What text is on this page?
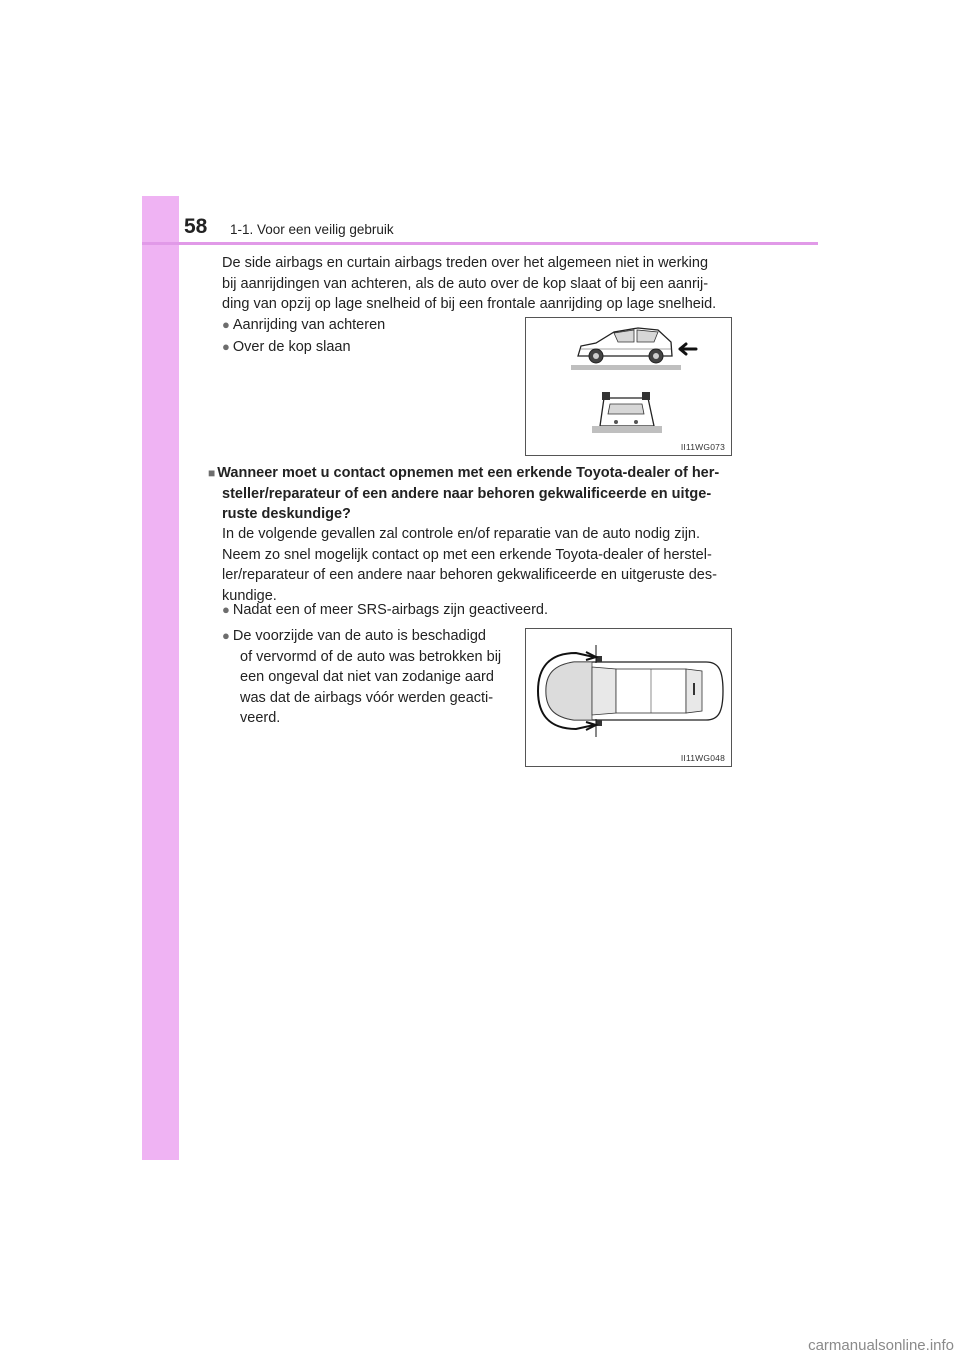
58 1-1. Voor een veilig gebruik
De side airbags en curtain airbags treden over het algemeen niet in werking
bij aanrijdingen van achteren, als de auto over de kop slaat of bij een aanrij-
ding van opzij op lage snelheid of bij een frontale aanrijding op lage snelheid.
● Aanrijding van achteren
● Over de kop slaan
II11WG073
■ Wanneer moet u contact opnemen met een erkende Toyota-dealer of her-
steller/reparateur of een andere naar behoren gekwalificeerde en uitge-
ruste deskundige?
In de volgende gevallen zal controle en/of reparatie van de auto nodig zijn.
Neem zo snel mogelijk contact op met een erkende Toyota-dealer of herstel-
ler/reparateur of een andere naar behoren gekwalificeerde en uitgeruste des-
kundige.
● Nadat een of meer SRS-airbags zijn geactiveerd.
● De voorzijde van de auto is beschadigd
of vervormd of de auto was betrokken bij
een ongeval dat niet van zodanige aard
was dat de airbags vóór werden geacti-
veerd.
II11WG048
carmanualsonline.info
